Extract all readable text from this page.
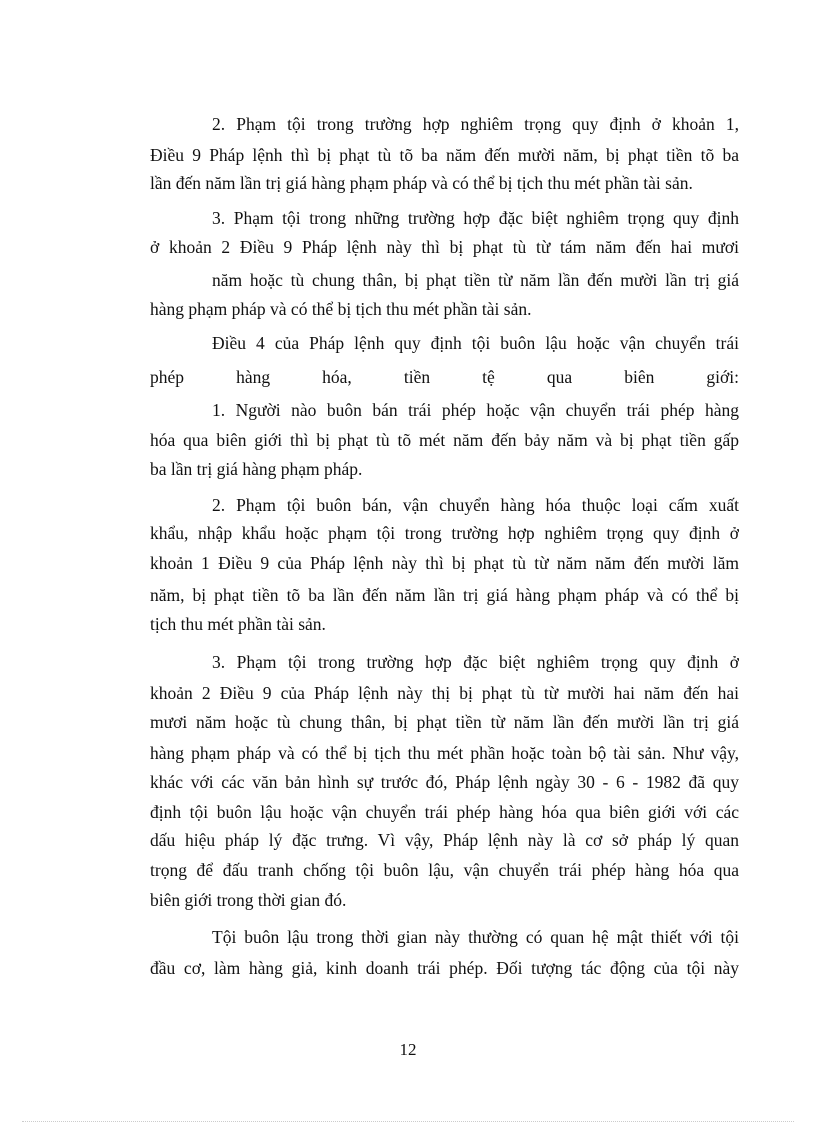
2. Phạm tội trong trường hợp nghiêm trọng quy định ở khoản 1,
Điều 9 Pháp lệnh thì bị phạt tù tõ ba năm đến mười năm, bị phạt tiền tõ ba
lần đến năm lần trị giá hàng phạm pháp và có thể bị tịch thu mét phần tài sản.
3. Phạm tội trong những trường hợp đặc biệt nghiêm trọng quy định
ở khoản 2 Điều 9 Pháp lệnh này thì bị phạt tù từ tám năm đến hai mươi
năm hoặc tù chung thân, bị phạt tiền từ năm lần đến mười lần trị giá
hàng phạm pháp và có thể bị tịch thu mét phần tài sản.
Điều 4 của Pháp lệnh quy định tội buôn lậu hoặc vận chuyển trái
phép hàng hóa, tiền tệ qua biên giới:
1. Người nào buôn bán trái phép hoặc vận chuyển trái phép hàng
hóa qua biên giới thì bị phạt tù tõ mét năm đến bảy năm và bị phạt tiền gấp
ba lần trị giá hàng phạm pháp.
2. Phạm tội buôn bán, vận chuyển hàng hóa thuộc loại cấm xuất
khẩu, nhập khẩu hoặc phạm tội trong trường hợp nghiêm trọng quy định ở
khoản 1 Điều 9 của Pháp lệnh này thì bị phạt tù từ năm năm đến mười lăm
năm, bị phạt tiền tõ ba lần đến năm lần trị giá hàng phạm pháp và có thể bị
tịch thu mét phần tài sản.
3. Phạm tội trong trường hợp đặc biệt nghiêm trọng quy định ở
khoản 2 Điều 9 của Pháp lệnh này thị bị phạt tù từ mười hai năm đến hai
mươi năm hoặc tù chung thân, bị phạt tiền từ năm lần đến mười lần trị giá
hàng phạm pháp và có thể bị tịch thu mét phần hoặc toàn bộ tài sản. Như vậy,
khác với các văn bản hình sự trước đó, Pháp lệnh ngày 30 - 6 - 1982 đã quy
định tội buôn lậu hoặc vận chuyển trái phép hàng hóa qua biên giới với các
dấu hiệu pháp lý đặc trưng. Vì vậy, Pháp lệnh này là cơ sở pháp lý quan
trọng để đấu tranh chống tội buôn lậu, vận chuyển trái phép hàng hóa qua
biên giới trong thời gian đó.
Tội buôn lậu trong thời gian này thường có quan hệ mật thiết với tội
đầu cơ, làm hàng giả, kinh doanh trái phép. Đối tượng tác động của tội này
12
